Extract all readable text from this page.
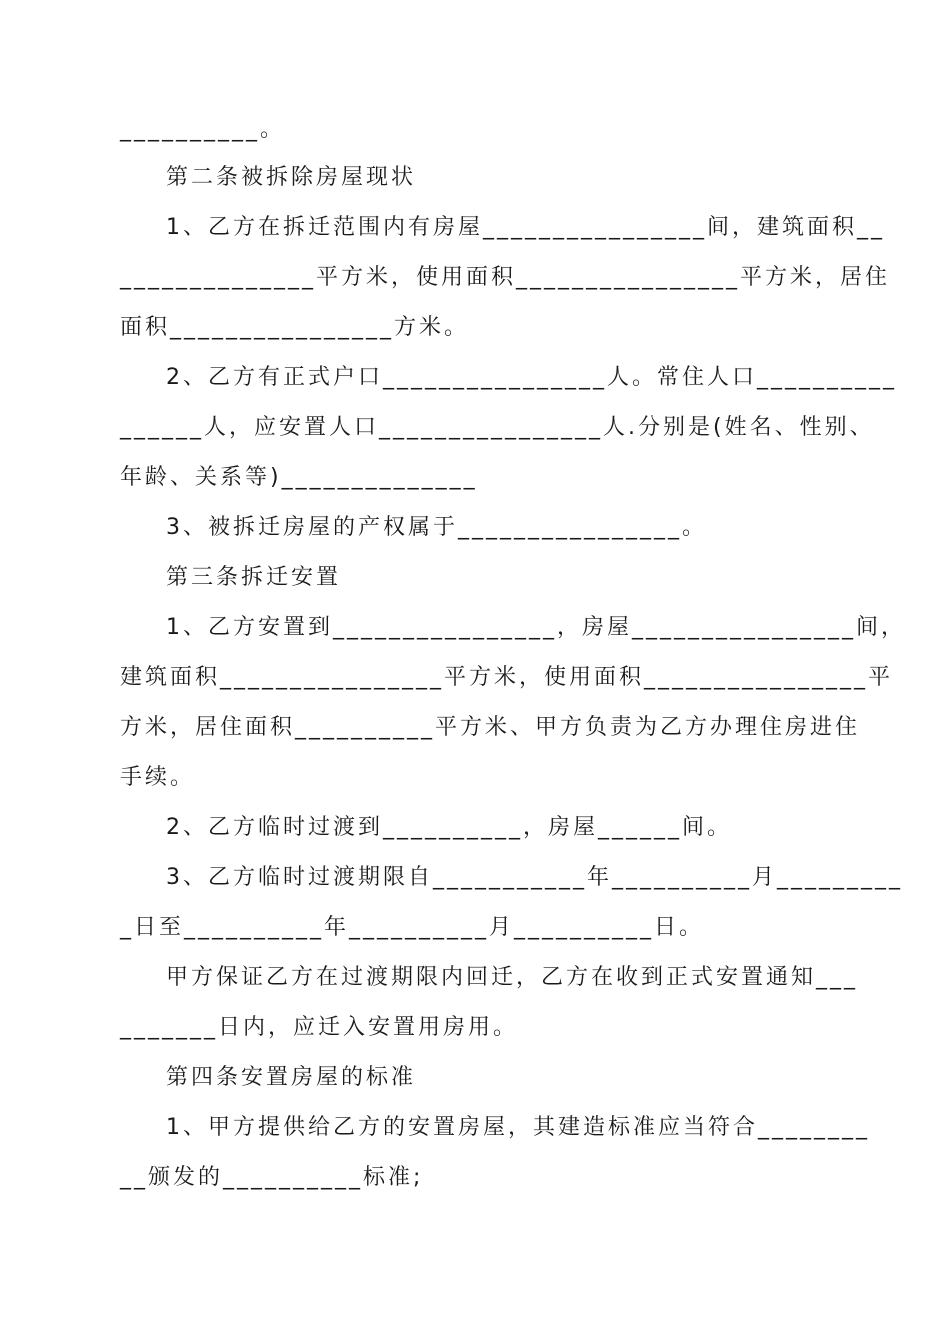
__________。

第二条被拆除房屋现状

1、乙方在拆迁范围内有房屋________________间，建筑面积__

______________平方米，使用面积________________平方米，居住

面积________________方米。

2、乙方有正式户口________________人。常住人口__________

______人，应安置人口________________人.分别是(姓名、性别、

年龄、关系等)______________

3、被拆迁房屋的产权属于________________。

第三条拆迁安置

1、乙方安置到________________，房屋________________间，

建筑面积________________平方米，使用面积________________平

方米，居住面积__________平方米、甲方负责为乙方办理住房进住

手续。

2、乙方临时过渡到__________，房屋______间。

3、乙方临时过渡期限自___________年__________月_________

_日至__________年__________月__________日。

甲方保证乙方在过渡期限内回迁，乙方在收到正式安置通知___

_______日内，应迁入安置用房用。

第四条安置房屋的标准

1、甲方提供给乙方的安置房屋，其建造标准应当符合________

__颁发的__________标准;
